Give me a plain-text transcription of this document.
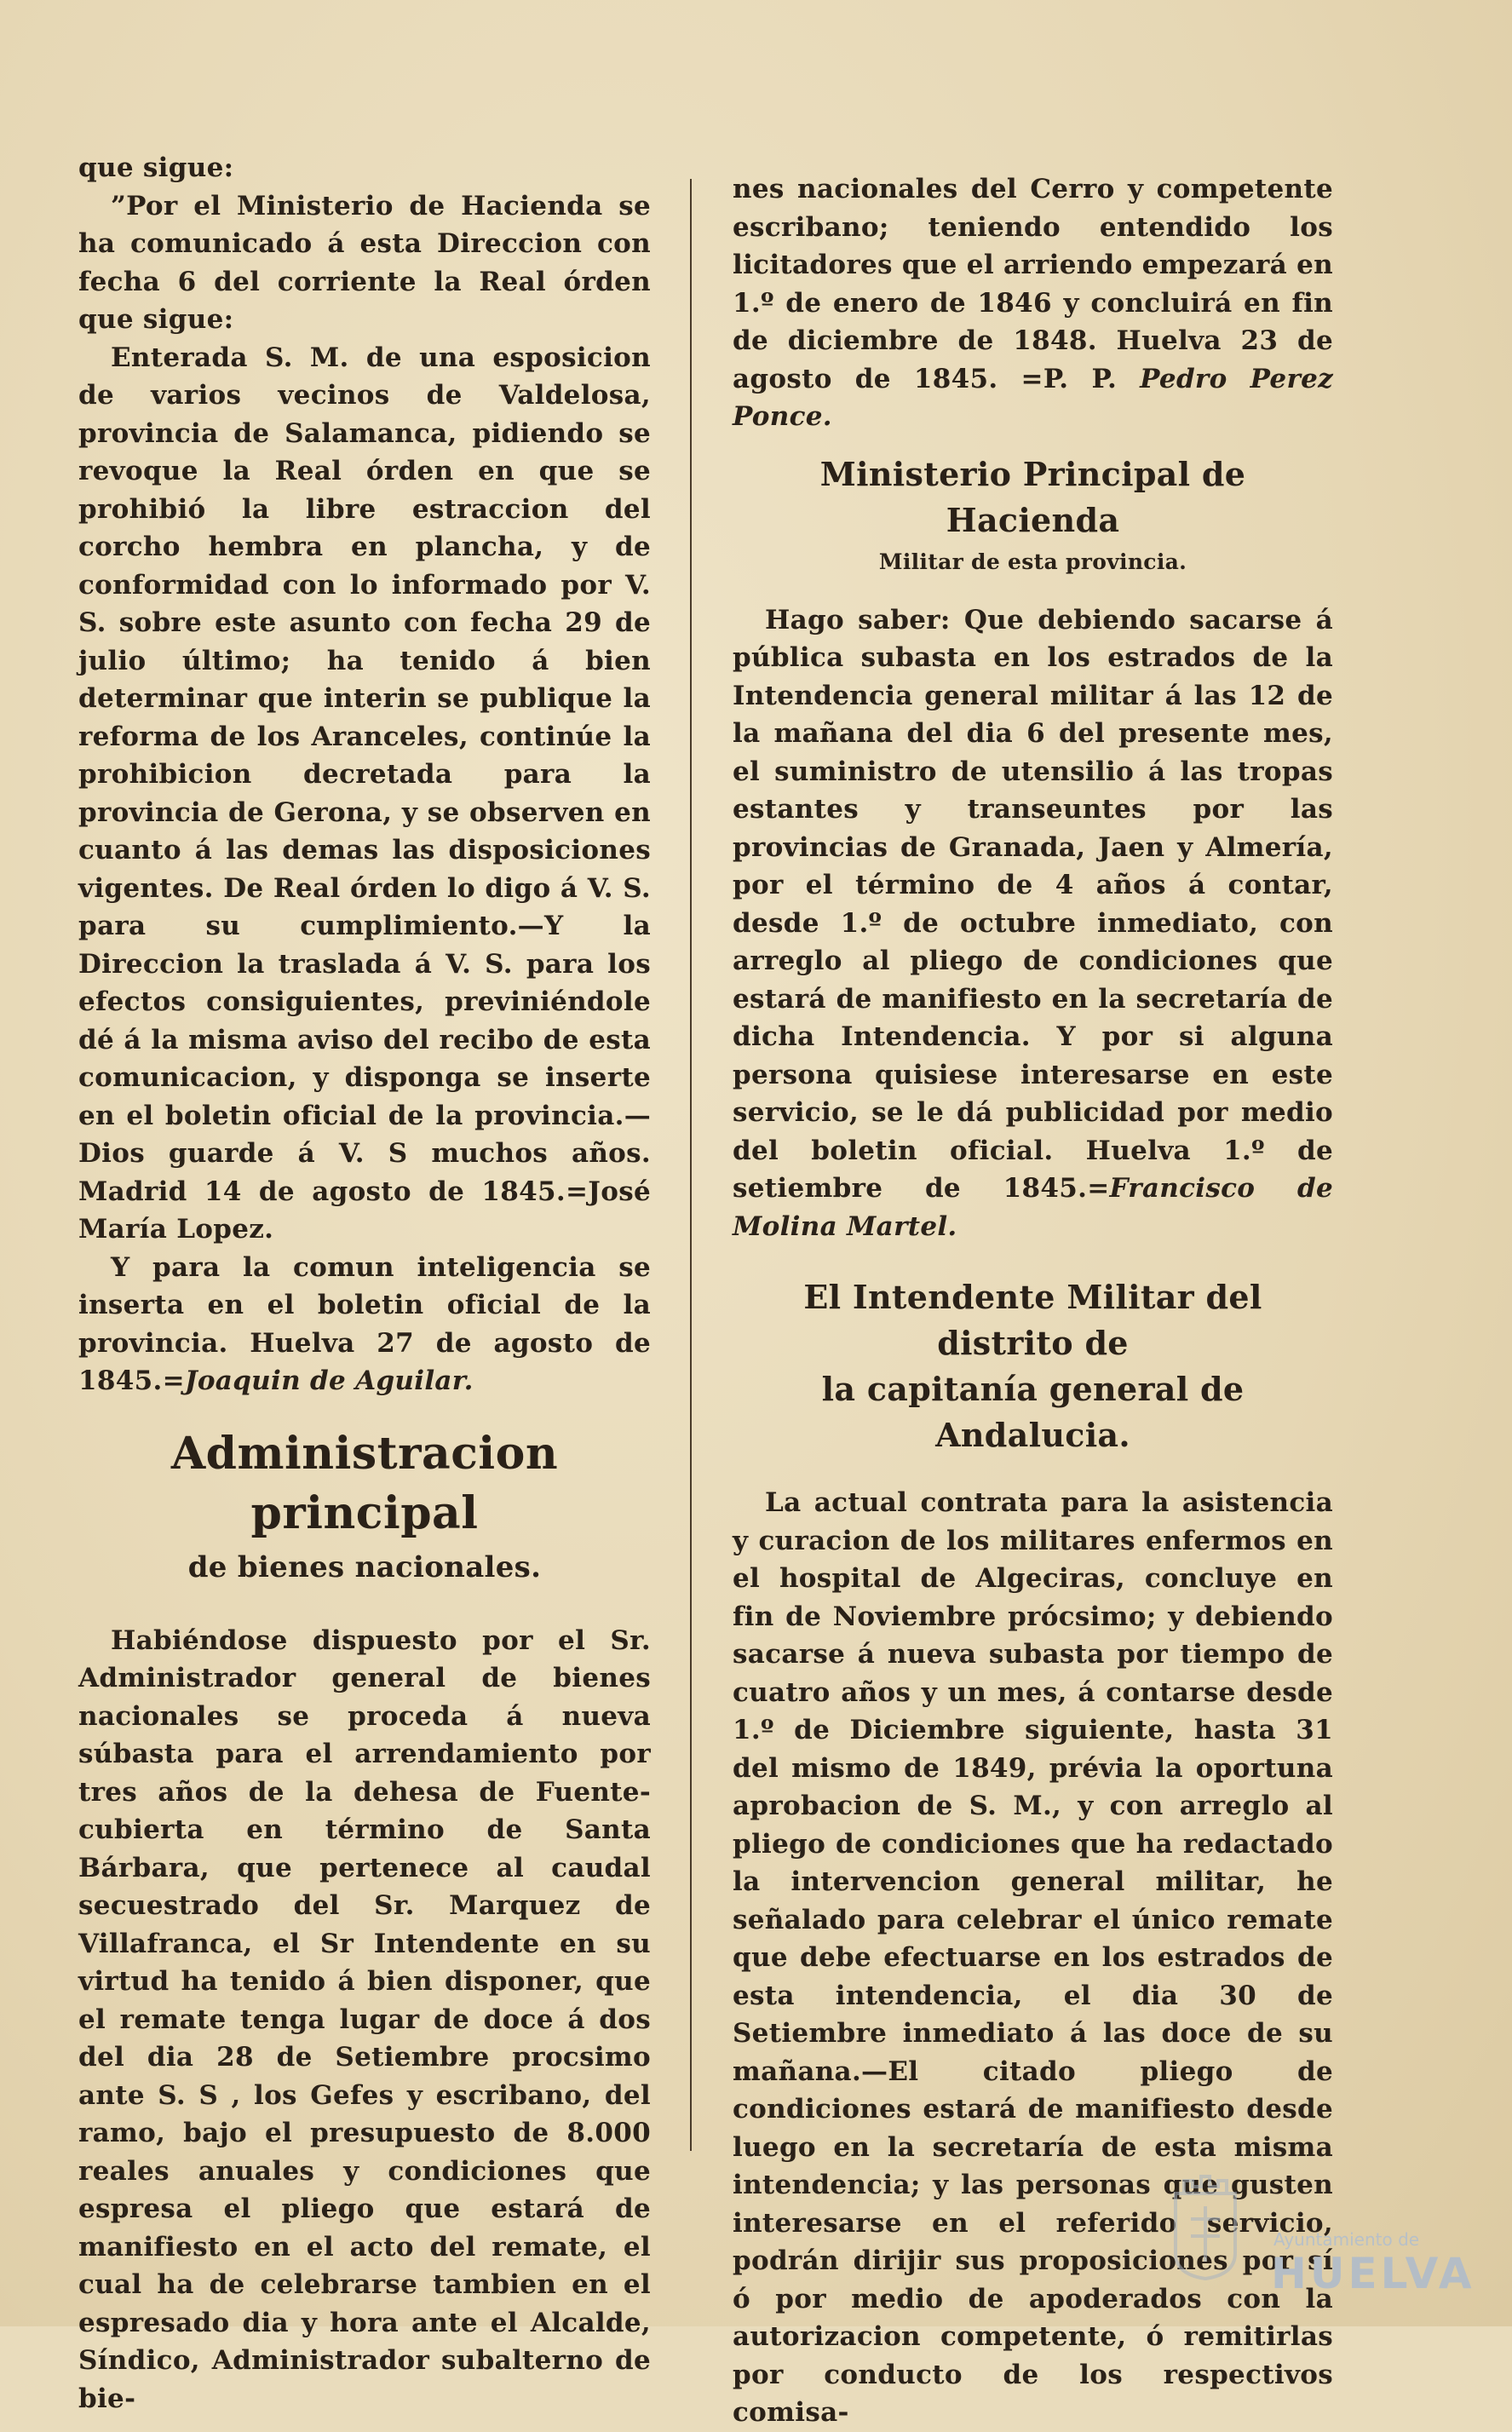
que sigue:

”Por el Ministerio de Hacienda se ha comunicado á esta Direccion con fecha 6 del corriente la Real órden que sigue:

Enterada S. M. de una esposicion de varios vecinos de Valdelosa, provincia de Salamanca, pidiendo se revoque la Real órden en que se prohibió la libre estraccion del corcho hembra en plancha, y de conformidad con lo informado por V. S. sobre este asunto con fecha 29 de julio último; ha tenido á bien determinar que interin se publique la reforma de los Aranceles, continúe la prohibicion decretada para la provincia de Gerona, y se observen en cuanto á las demas las disposiciones vigentes. De Real órden lo digo á V. S. para su cumplimiento.—Y la Direccion la traslada á V. S. para los efectos consiguientes, previniéndole dé á la misma aviso del recibo de esta comunicacion, y disponga se inserte en el boletin oficial de la provincia.—Dios guarde á V. S muchos años. Madrid 14 de agosto de 1845.=José María Lopez.

Y para la comun inteligencia se inserta en el boletin oficial de la provincia. Huelva 27 de agosto de 1845.=Joaquin de Aguilar.

Administracion principal
de bienes nacionales.

Habiéndose dispuesto por el Sr. Administrador general de bienes nacionales se proceda á nueva súbasta para el arrendamiento por tres años de la dehesa de Fuente-cubierta en término de Santa Bárbara, que pertenece al caudal secuestrado del Sr. Marquez de Villafranca, el Sr Intendente en su virtud ha tenido á bien disponer, que el remate tenga lugar de doce á dos del dia 28 de Setiembre procsimo ante S. S , los Gefes y escribano, del ramo, bajo el presupuesto de 8.000 reales anuales y condiciones que espresa el pliego que estará de manifiesto en el acto del remate, el cual ha de celebrarse tambien en el espresado dia y hora ante el Alcalde, Síndico, Administrador subalterno de bie-

nes nacionales del Cerro y competente escribano; teniendo entendido los licitadores que el arriendo empezará en 1.º de enero de 1846 y concluirá en fin de diciembre de 1848. Huelva 23 de agosto de 1845. =P. P. Pedro Perez Ponce.

Ministerio Principal de Hacienda
Militar de esta provincia.

Hago saber: Que debiendo sacarse á pública subasta en los estrados de la Intendencia general militar á las 12 de la mañana del dia 6 del presente mes, el suministro de utensilio á las tropas estantes y transeuntes por las provincias de Granada, Jaen y Almería, por el término de 4 años á contar, desde 1.º de octubre inmediato, con arreglo al pliego de condiciones que estará de manifiesto en la secretaría de dicha Intendencia. Y por si alguna persona quisiese interesarse en este servicio, se le dá publicidad por medio del boletin oficial. Huelva 1.º de setiembre de 1845.=Francisco de Molina Martel.

El Intendente Militar del distrito de
la capitanía general de Andalucia.

La actual contrata para la asistencia y curacion de los militares enfermos en el hospital de Algeciras, concluye en fin de Noviembre prócsimo; y debiendo sacarse á nueva subasta por tiempo de cuatro años y un mes, á contarse desde 1.º de Diciembre siguiente, hasta 31 del mismo de 1849, prévia la oportuna aprobacion de S. M., y con arreglo al pliego de condiciones que ha redactado la intervencion general militar, he señalado para celebrar el único remate que debe efectuarse en los estrados de esta intendencia, el dia 30 de Setiembre inmediato á las doce de su mañana.—El citado pliego de condiciones estará de manifiesto desde luego en la secretaría de esta misma intendencia; y las personas que gusten interesarse en el referido servicio, podrán dirijir sus proposiciones por sí ó por medio de apoderados con la autorizacion competente, ó remitirlas por conducto de los respectivos comisa-

Ayuntamiento de
HUELVA
